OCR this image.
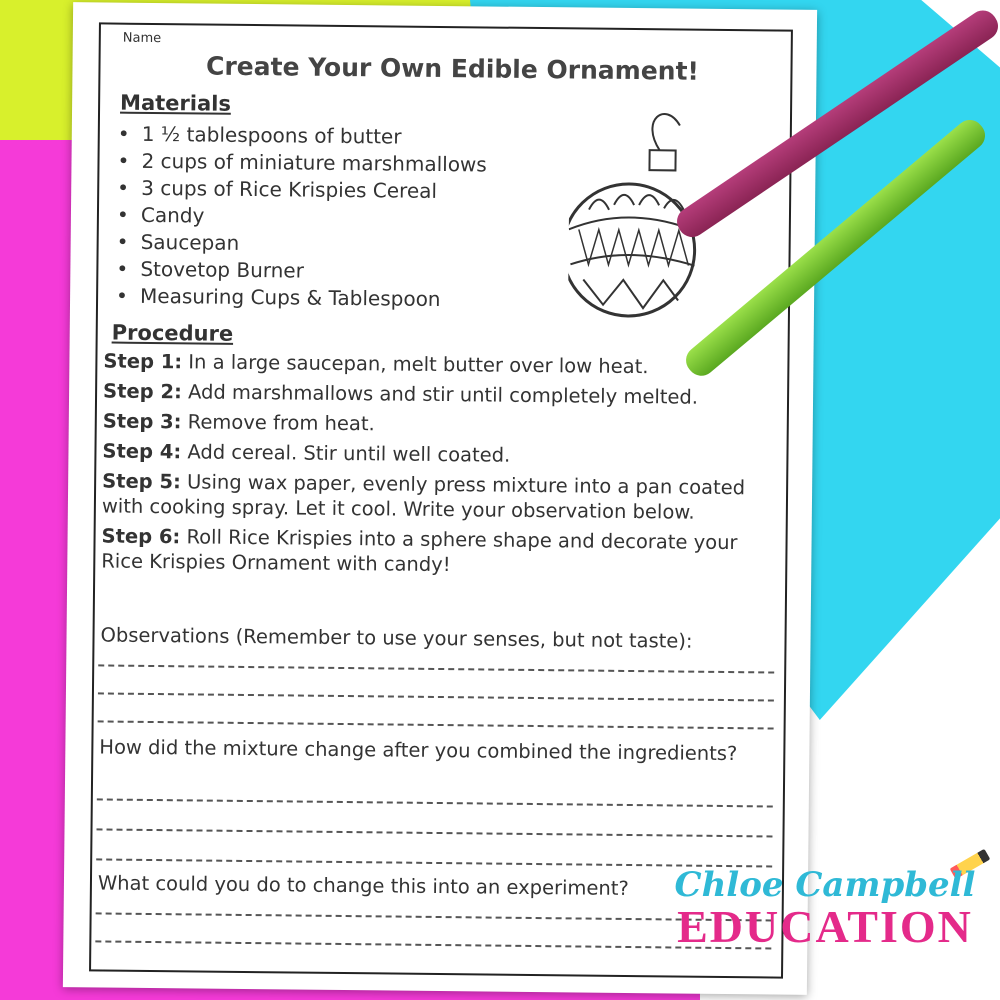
Name
Create Your Own Edible Ornament!
Materials
• 1 ½ tablespoons of butter
• 2 cups of miniature marshmallows
• 3 cups of Rice Krispies Cereal
• Candy
• Saucepan
• Stovetop Burner
• Measuring Cups & Tablespoon
Procedure
Step 1: In a large saucepan, melt butter over low heat.
Step 2: Add marshmallows and stir until completely melted.
Step 3: Remove from heat.
Step 4: Add cereal. Stir until well coated.
Step 5: Using wax paper, evenly press mixture into a pan coated with cooking spray. Let it cool. Write your observation below.
Step 6: Roll Rice Krispies into a sphere shape and decorate your Rice Krispies Ornament with candy!
Observations (Remember to use your senses, but not taste):
How did the mixture change after you combined the ingredients?
What could you do to change this into an experiment?	Chloe Campbell
EDUCATION
